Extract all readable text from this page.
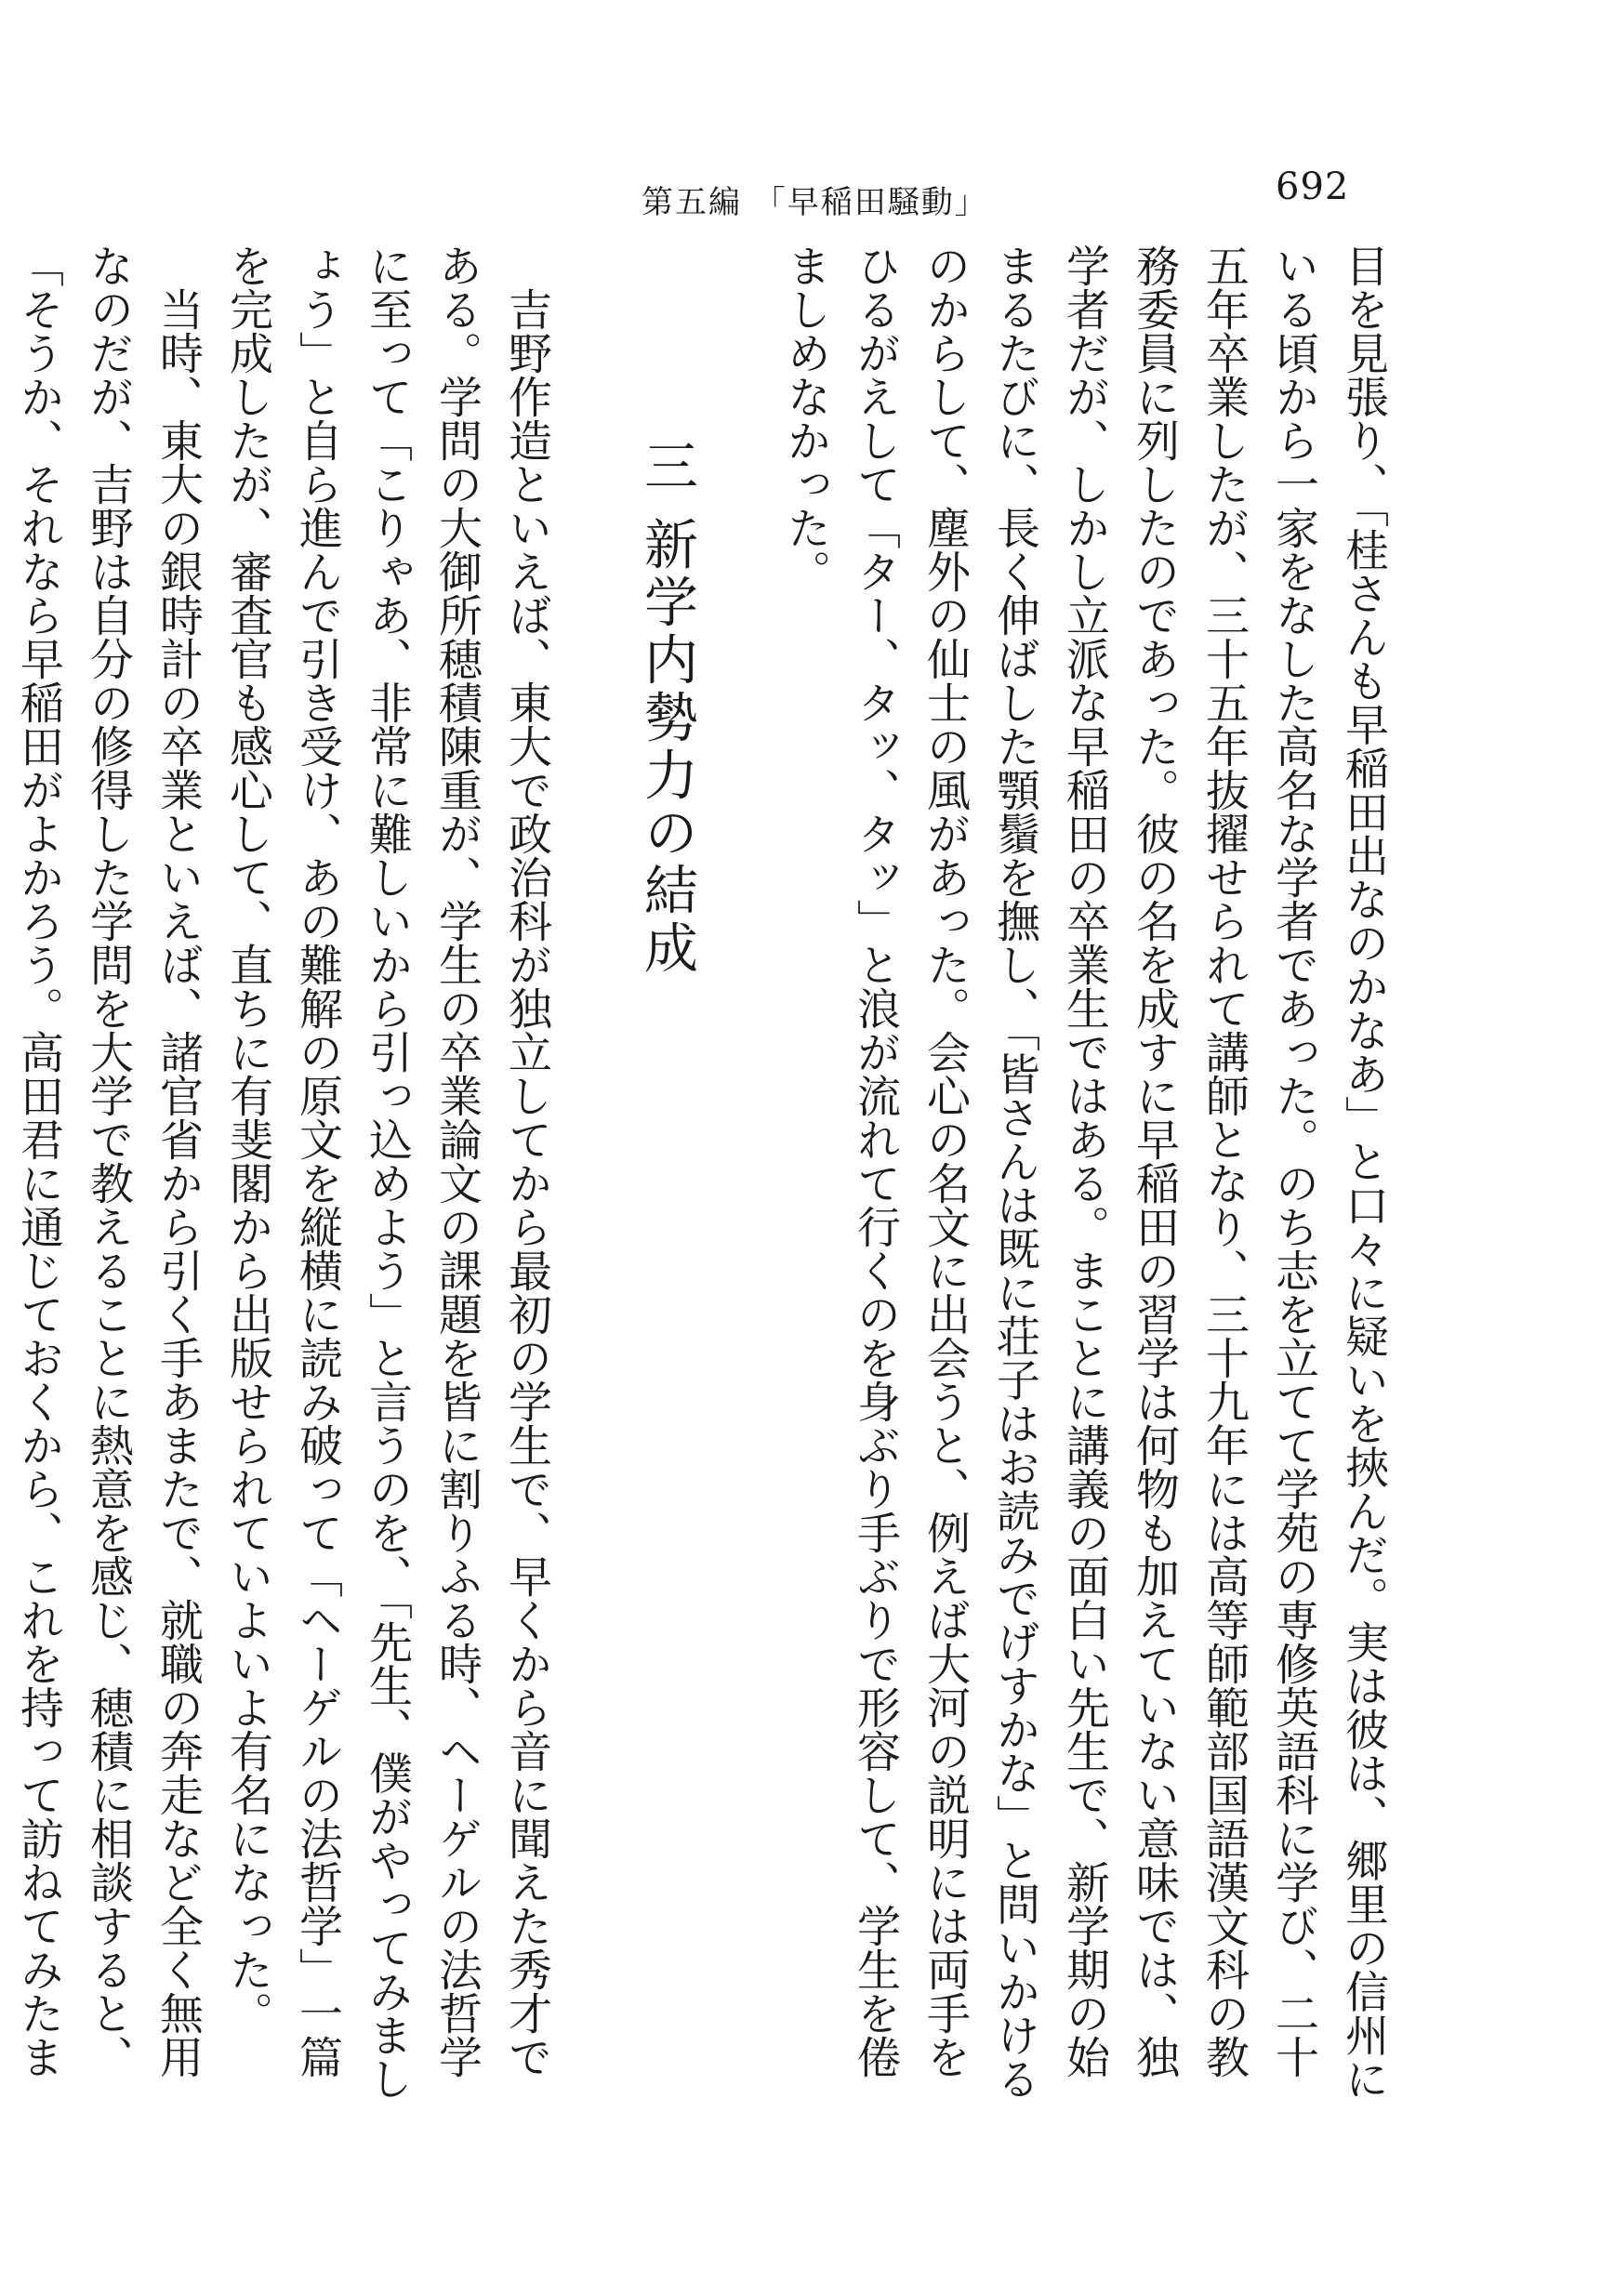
第五編 「早稲田騒動」	692

目を見張り、「桂さんも早稲田出なのかなあ」と口々に疑いを挾んだ。実は彼は、郷里の信州にいる頃から一家をなした高名な学者であった。のち志を立てて学苑の専修英語科に学び、二十五年卒業したが、三十五年抜擢せられて講師となり、三十九年には高等師範部国語漢文科の教務委員に列したのであった。彼の名を成すに早稲田の習学は何物も加えていない意味では、独学者だが、しかし立派な早稲田の卒業生ではある。まことに講義の面白い先生で、新学期の始まるたびに、長く伸ばした顎鬚を撫し、「皆さんは既に荘子はお読みでげすかな」と問いかけるのからして、塵外の仙士の風があった。会心の名文に出会うと、例えば大河の説明には両手をひるがえして「ター、タッ、タッ」と浪が流れて行くのを身ぶり手ぶりで形容して、学生を倦ましめなかった。

三 新学内勢力の結成

吉野作造といえば、東大で政治科が独立してから最初の学生で、早くから音に聞えた秀才である。学問の大御所穂積陳重が、学生の卒業論文の課題を皆に割りふる時、ヘーゲルの法哲学に至って「こりゃあ、非常に難しいから引っ込めよう」と言うのを、「先生、僕がやってみましょう」と自ら進んで引き受け、あの難解の原文を縦横に読み破って「ヘーゲルの法哲学」一篇を完成したが、審査官も感心して、直ちに有斐閣から出版せられていよいよ有名になった。

当時、東大の銀時計の卒業といえば、諸官省から引く手あまたで、就職の奔走など全く無用なのだが、吉野は自分の修得した学問を大学で教えることに熱意を感じ、穂積に相談すると、「そうか、それなら早稲田がよかろう。高田君に通じておくから、これを持って訪ねてみたま
